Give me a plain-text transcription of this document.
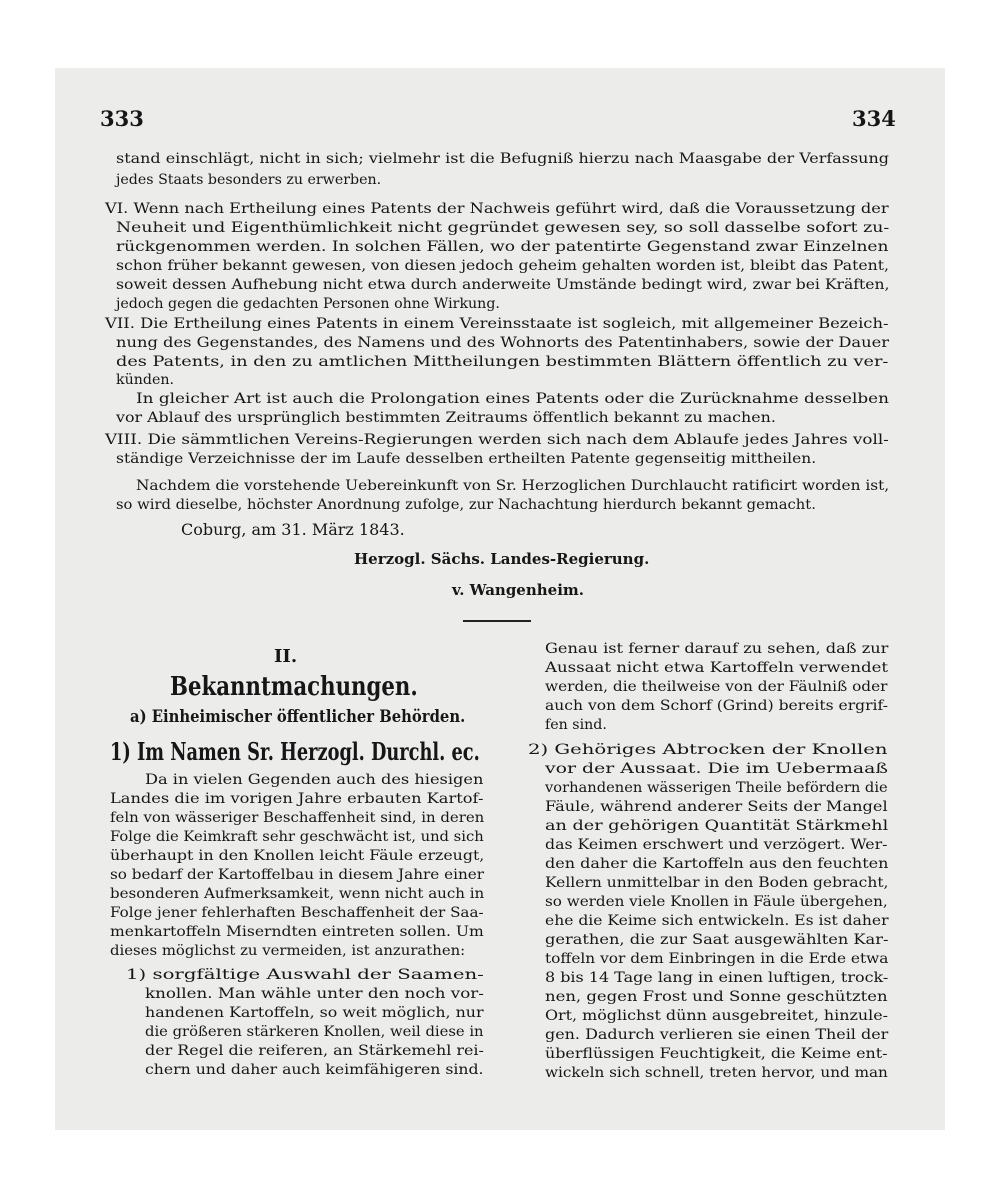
333	334
stand einschlägt, nicht in sich; vielmehr ist die Befugniß hierzu nach Maasgabe der Verfassung
jedes Staats besonders zu erwerben.
VI. Wenn nach Ertheilung eines Patents der Nachweis geführt wird, daß die Voraussetzung der
Neuheit und Eigenthümlichkeit nicht gegründet gewesen sey, so soll dasselbe sofort zu-
rückgenommen werden. In solchen Fällen, wo der patentirte Gegenstand zwar Einzelnen
schon früher bekannt gewesen, von diesen jedoch geheim gehalten worden ist, bleibt das Patent,
soweit dessen Aufhebung nicht etwa durch anderweite Umstände bedingt wird, zwar bei Kräften,
jedoch gegen die gedachten Personen ohne Wirkung.
VII. Die Ertheilung eines Patents in einem Vereinsstaate ist sogleich, mit allgemeiner Bezeich-
nung des Gegenstandes, des Namens und des Wohnorts des Patentinhabers, sowie der Dauer
des Patents, in den zu amtlichen Mittheilungen bestimmten Blättern öffentlich zu ver-
künden.
In gleicher Art ist auch die Prolongation eines Patents oder die Zurücknahme desselben
vor Ablauf des ursprünglich bestimmten Zeitraums öffentlich bekannt zu machen.
VIII. Die sämmtlichen Vereins-Regierungen werden sich nach dem Ablaufe jedes Jahres voll-
ständige Verzeichnisse der im Laufe desselben ertheilten Patente gegenseitig mittheilen.
Nachdem die vorstehende Uebereinkunft von Sr. Herzoglichen Durchlaucht ratificirt worden ist,
so wird dieselbe, höchster Anordnung zufolge, zur Nachachtung hierdurch bekannt gemacht.
Coburg, am 31. März 1843.
Herzogl. Sächs. Landes-Regierung.
v. Wangenheim.
II.
Bekanntmachungen.
a) Einheimischer öffentlicher Behörden.
1) Im Namen Sr. Herzogl. Durchl. ec.
Da in vielen Gegenden auch des hiesigen
Landes die im vorigen Jahre erbauten Kartof-
feln von wässeriger Beschaffenheit sind, in deren
Folge die Keimkraft sehr geschwächt ist, und sich
überhaupt in den Knollen leicht Fäule erzeugt,
so bedarf der Kartoffelbau in diesem Jahre einer
besonderen Aufmerksamkeit, wenn nicht auch in
Folge jener fehlerhaften Beschaffenheit der Saa-
menkartoffeln Miserndten eintreten sollen. Um
dieses möglichst zu vermeiden, ist anzurathen:
1) sorgfältige Auswahl der Saamen-
knollen. Man wähle unter den noch vor-
handenen Kartoffeln, so weit möglich, nur
die größeren stärkeren Knollen, weil diese in
der Regel die reiferen, an Stärkemehl rei-
chern und daher auch keimfähigeren sind.
Genau ist ferner darauf zu sehen, daß zur
Aussaat nicht etwa Kartoffeln verwendet
werden, die theilweise von der Fäulniß oder
auch von dem Schorf (Grind) bereits ergrif-
fen sind.
2) Gehöriges Abtrocken der Knollen
vor der Aussaat. Die im Uebermaaß
vorhandenen wässerigen Theile befördern die
Fäule, während anderer Seits der Mangel
an der gehörigen Quantität Stärkmehl
das Keimen erschwert und verzögert. Wer-
den daher die Kartoffeln aus den feuchten
Kellern unmittelbar in den Boden gebracht,
so werden viele Knollen in Fäule übergehen,
ehe die Keime sich entwickeln. Es ist daher
gerathen, die zur Saat ausgewählten Kar-
toffeln vor dem Einbringen in die Erde etwa
8 bis 14 Tage lang in einen luftigen, trock-
nen, gegen Frost und Sonne geschützten
Ort, möglichst dünn ausgebreitet, hinzule-
gen. Dadurch verlieren sie einen Theil der
überflüssigen Feuchtigkeit, die Keime ent-
wickeln sich schnell, treten hervor, und man
